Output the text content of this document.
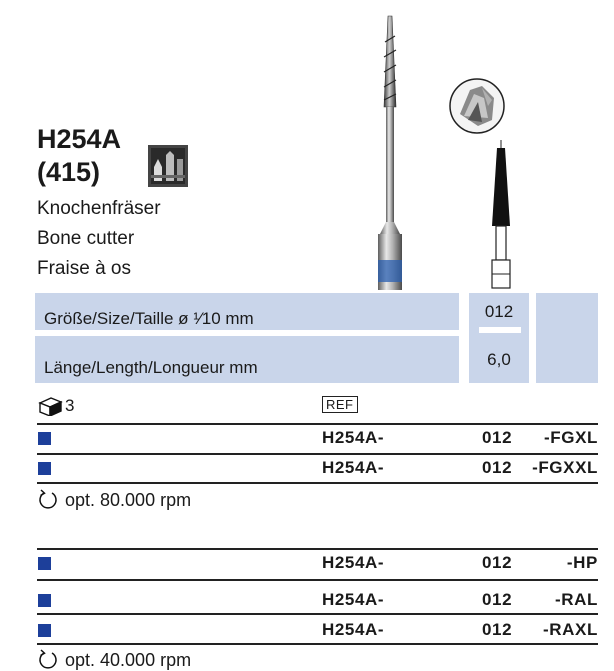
H254A
(415)
Knochenfräser
Bone cutter
Fraise à os
Größe/Size/Taille ø ¹⁄10 mm
Länge/Length/Longueur mm
012
6,0
3	REF
H254A-	012 -FGXL
H254A-	012 -FGXXL
opt. 80.000 rpm
H254A-	012	-HP
H254A-	012	-RAL
H254A-	012 -RAXL
opt. 40.000 rpm
